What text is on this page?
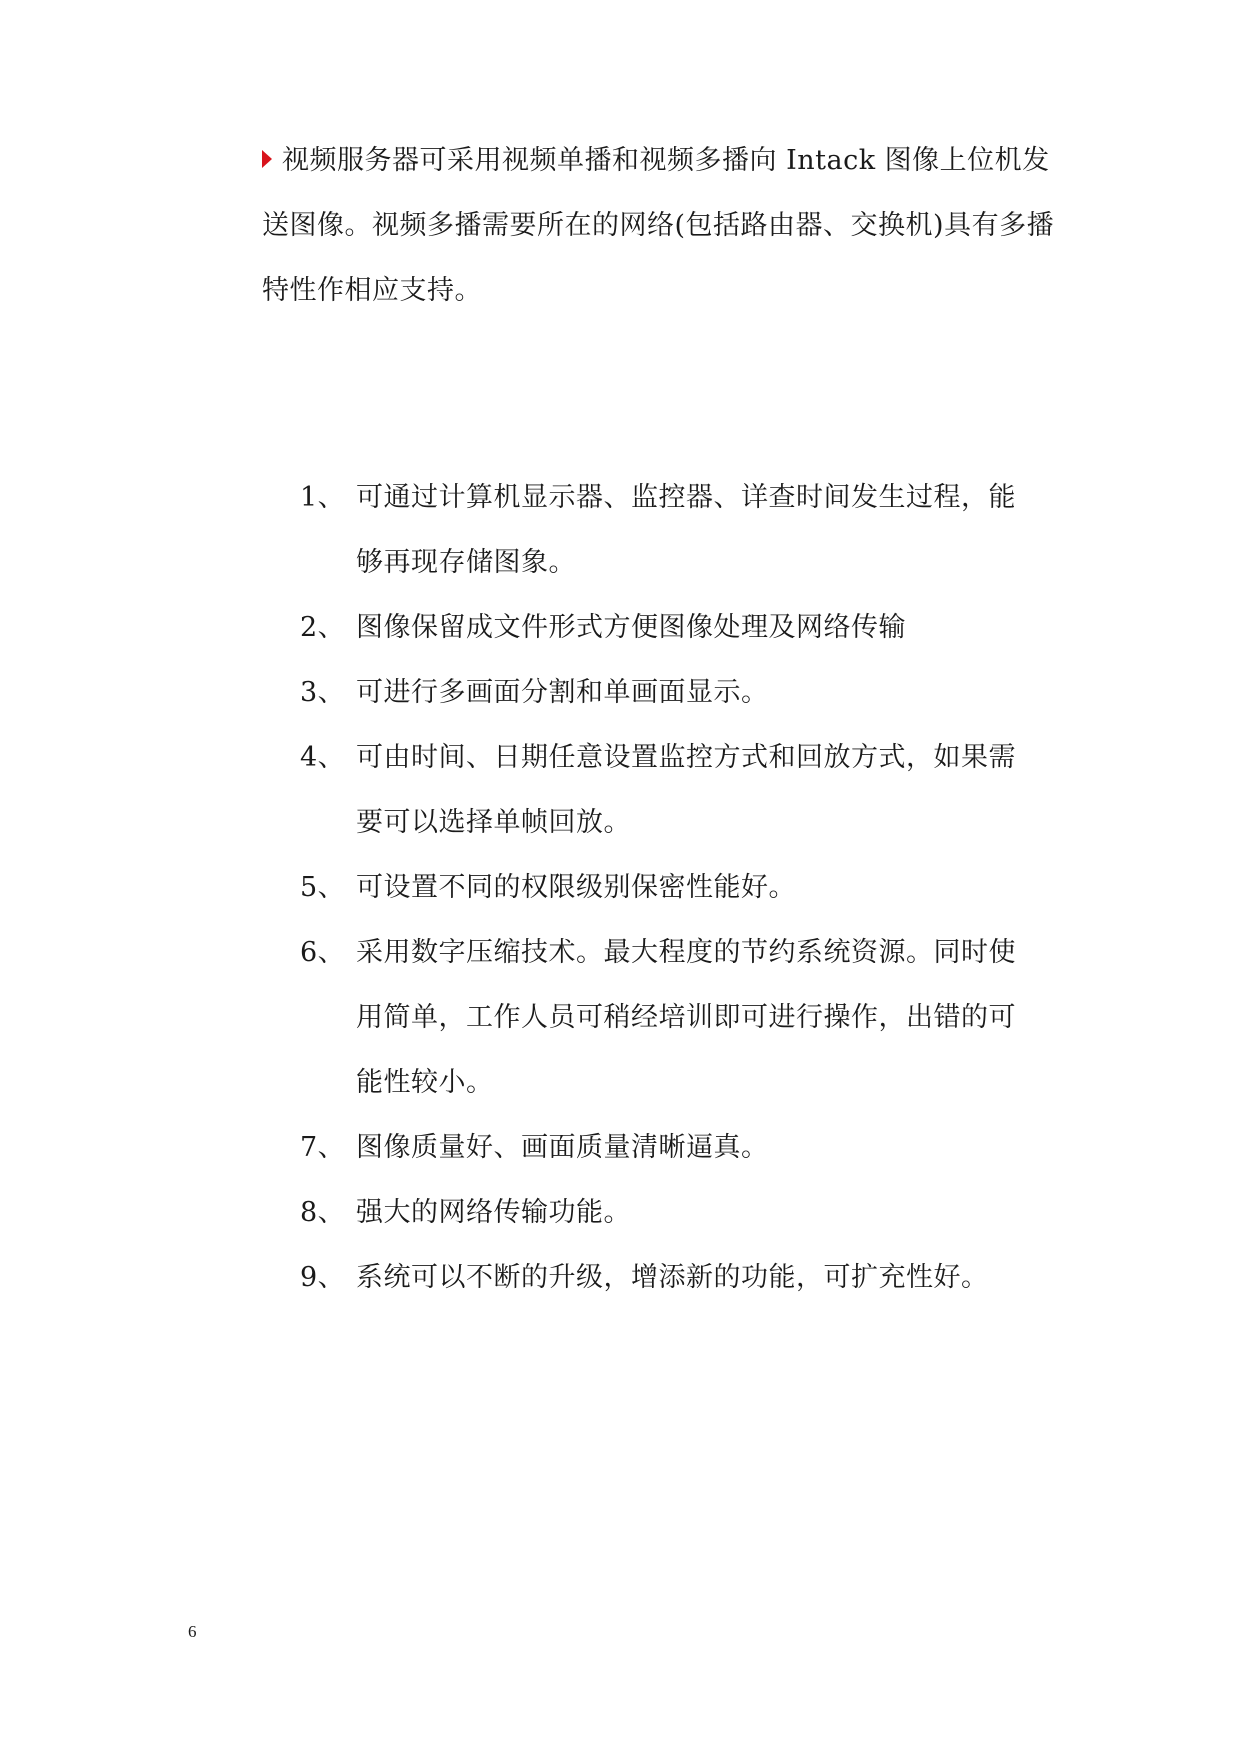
视频服务器可采用视频单播和视频多播向 Intack 图像上位机发
送图像。视频多播需要所在的网络(包括路由器、交换机)具有多播
特性作相应支持。
1、 可通过计算机显示器、监控器、详查时间发生过程，能
够再现存储图象。
2、 图像保留成文件形式方便图像处理及网络传输
3、 可进行多画面分割和单画面显示。
4、 可由时间、日期任意设置监控方式和回放方式，如果需
要可以选择单帧回放。
5、 可设置不同的权限级别保密性能好。
6、 采用数字压缩技术。最大程度的节约系统资源。同时使
用简单，工作人员可稍经培训即可进行操作，出错的可
能性较小。
7、 图像质量好、画面质量清晰逼真。
8、 强大的网络传输功能。
9、 系统可以不断的升级，增添新的功能，可扩充性好。
6
